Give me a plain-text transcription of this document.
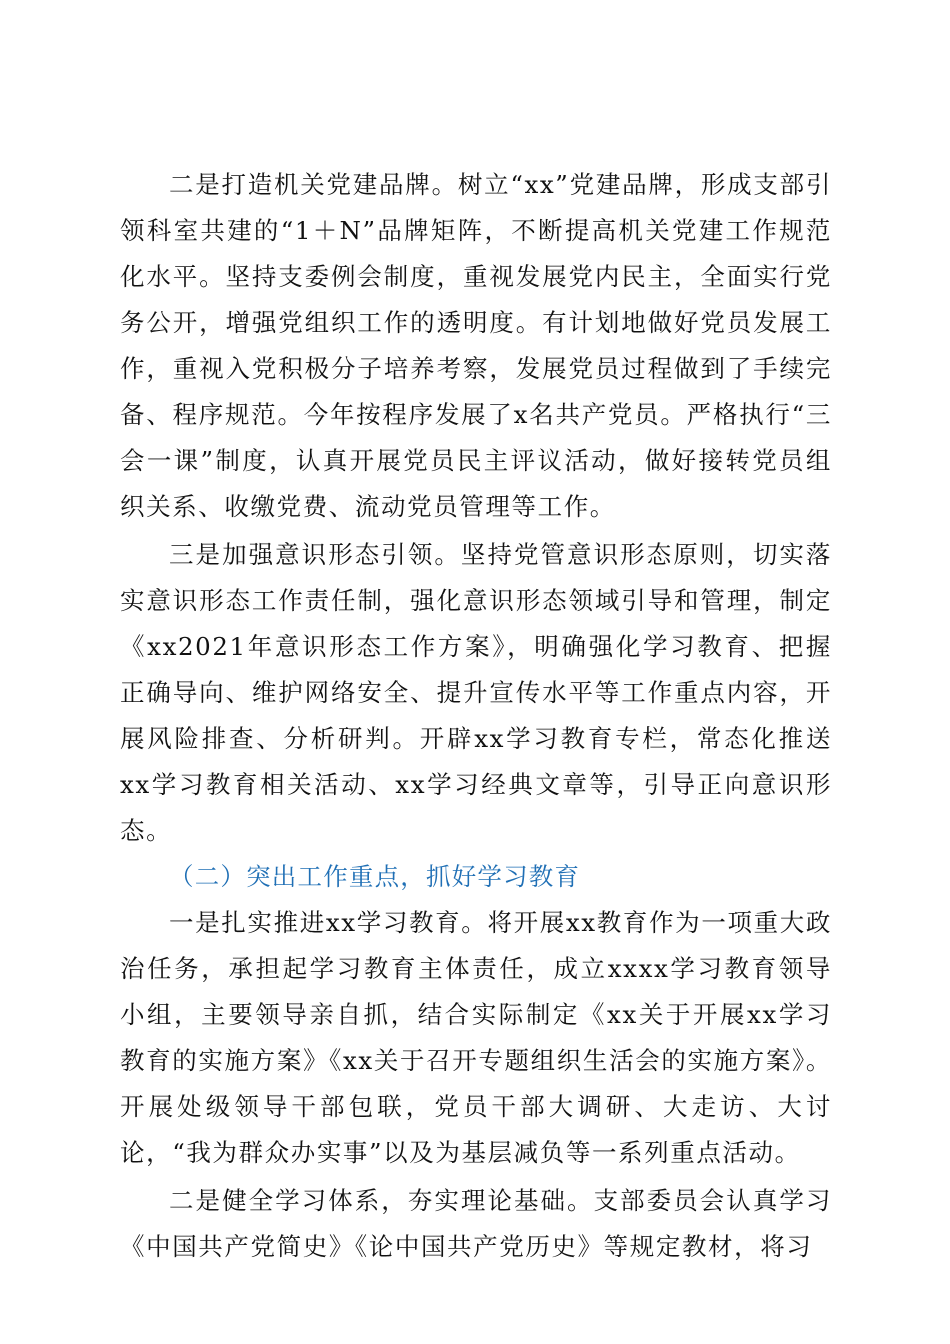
二是打造机关党建品牌。树立“xx”党建品牌，形成支部引领科室共建的“1＋N”品牌矩阵，不断提高机关党建工作规范化水平。坚持支委例会制度，重视发展党内民主，全面实行党务公开，增强党组织工作的透明度。有计划地做好党员发展工作，重视入党积极分子培养考察，发展党员过程做到了手续完备、程序规范。今年按程序发展了x名共产党员。严格执行“三会一课”制度，认真开展党员民主评议活动，做好接转党员组织关系、收缴党费、流动党员管理等工作。

三是加强意识形态引领。坚持党管意识形态原则，切实落实意识形态工作责任制，强化意识形态领域引导和管理，制定《xx2021年意识形态工作方案》，明确强化学习教育、把握正确导向、维护网络安全、提升宣传水平等工作重点内容，开展风险排查、分析研判。开辟xx学习教育专栏，常态化推送xx学习教育相关活动、xx学习经典文章等，引导正向意识形态。

（二）突出工作重点，抓好学习教育

一是扎实推进xx学习教育。将开展xx教育作为一项重大政治任务，承担起学习教育主体责任，成立xxxx学习教育领导小组，主要领导亲自抓，结合实际制定《xx关于开展xx学习教育的实施方案》《xx关于召开专题组织生活会的实施方案》。开展处级领导干部包联，党员干部大调研、大走访、大讨论，“我为群众办实事”以及为基层减负等一系列重点活动。

二是健全学习体系，夯实理论基础。支部委员会认真学习《中国共产党简史》《论中国共产党历史》等规定教材，将习
